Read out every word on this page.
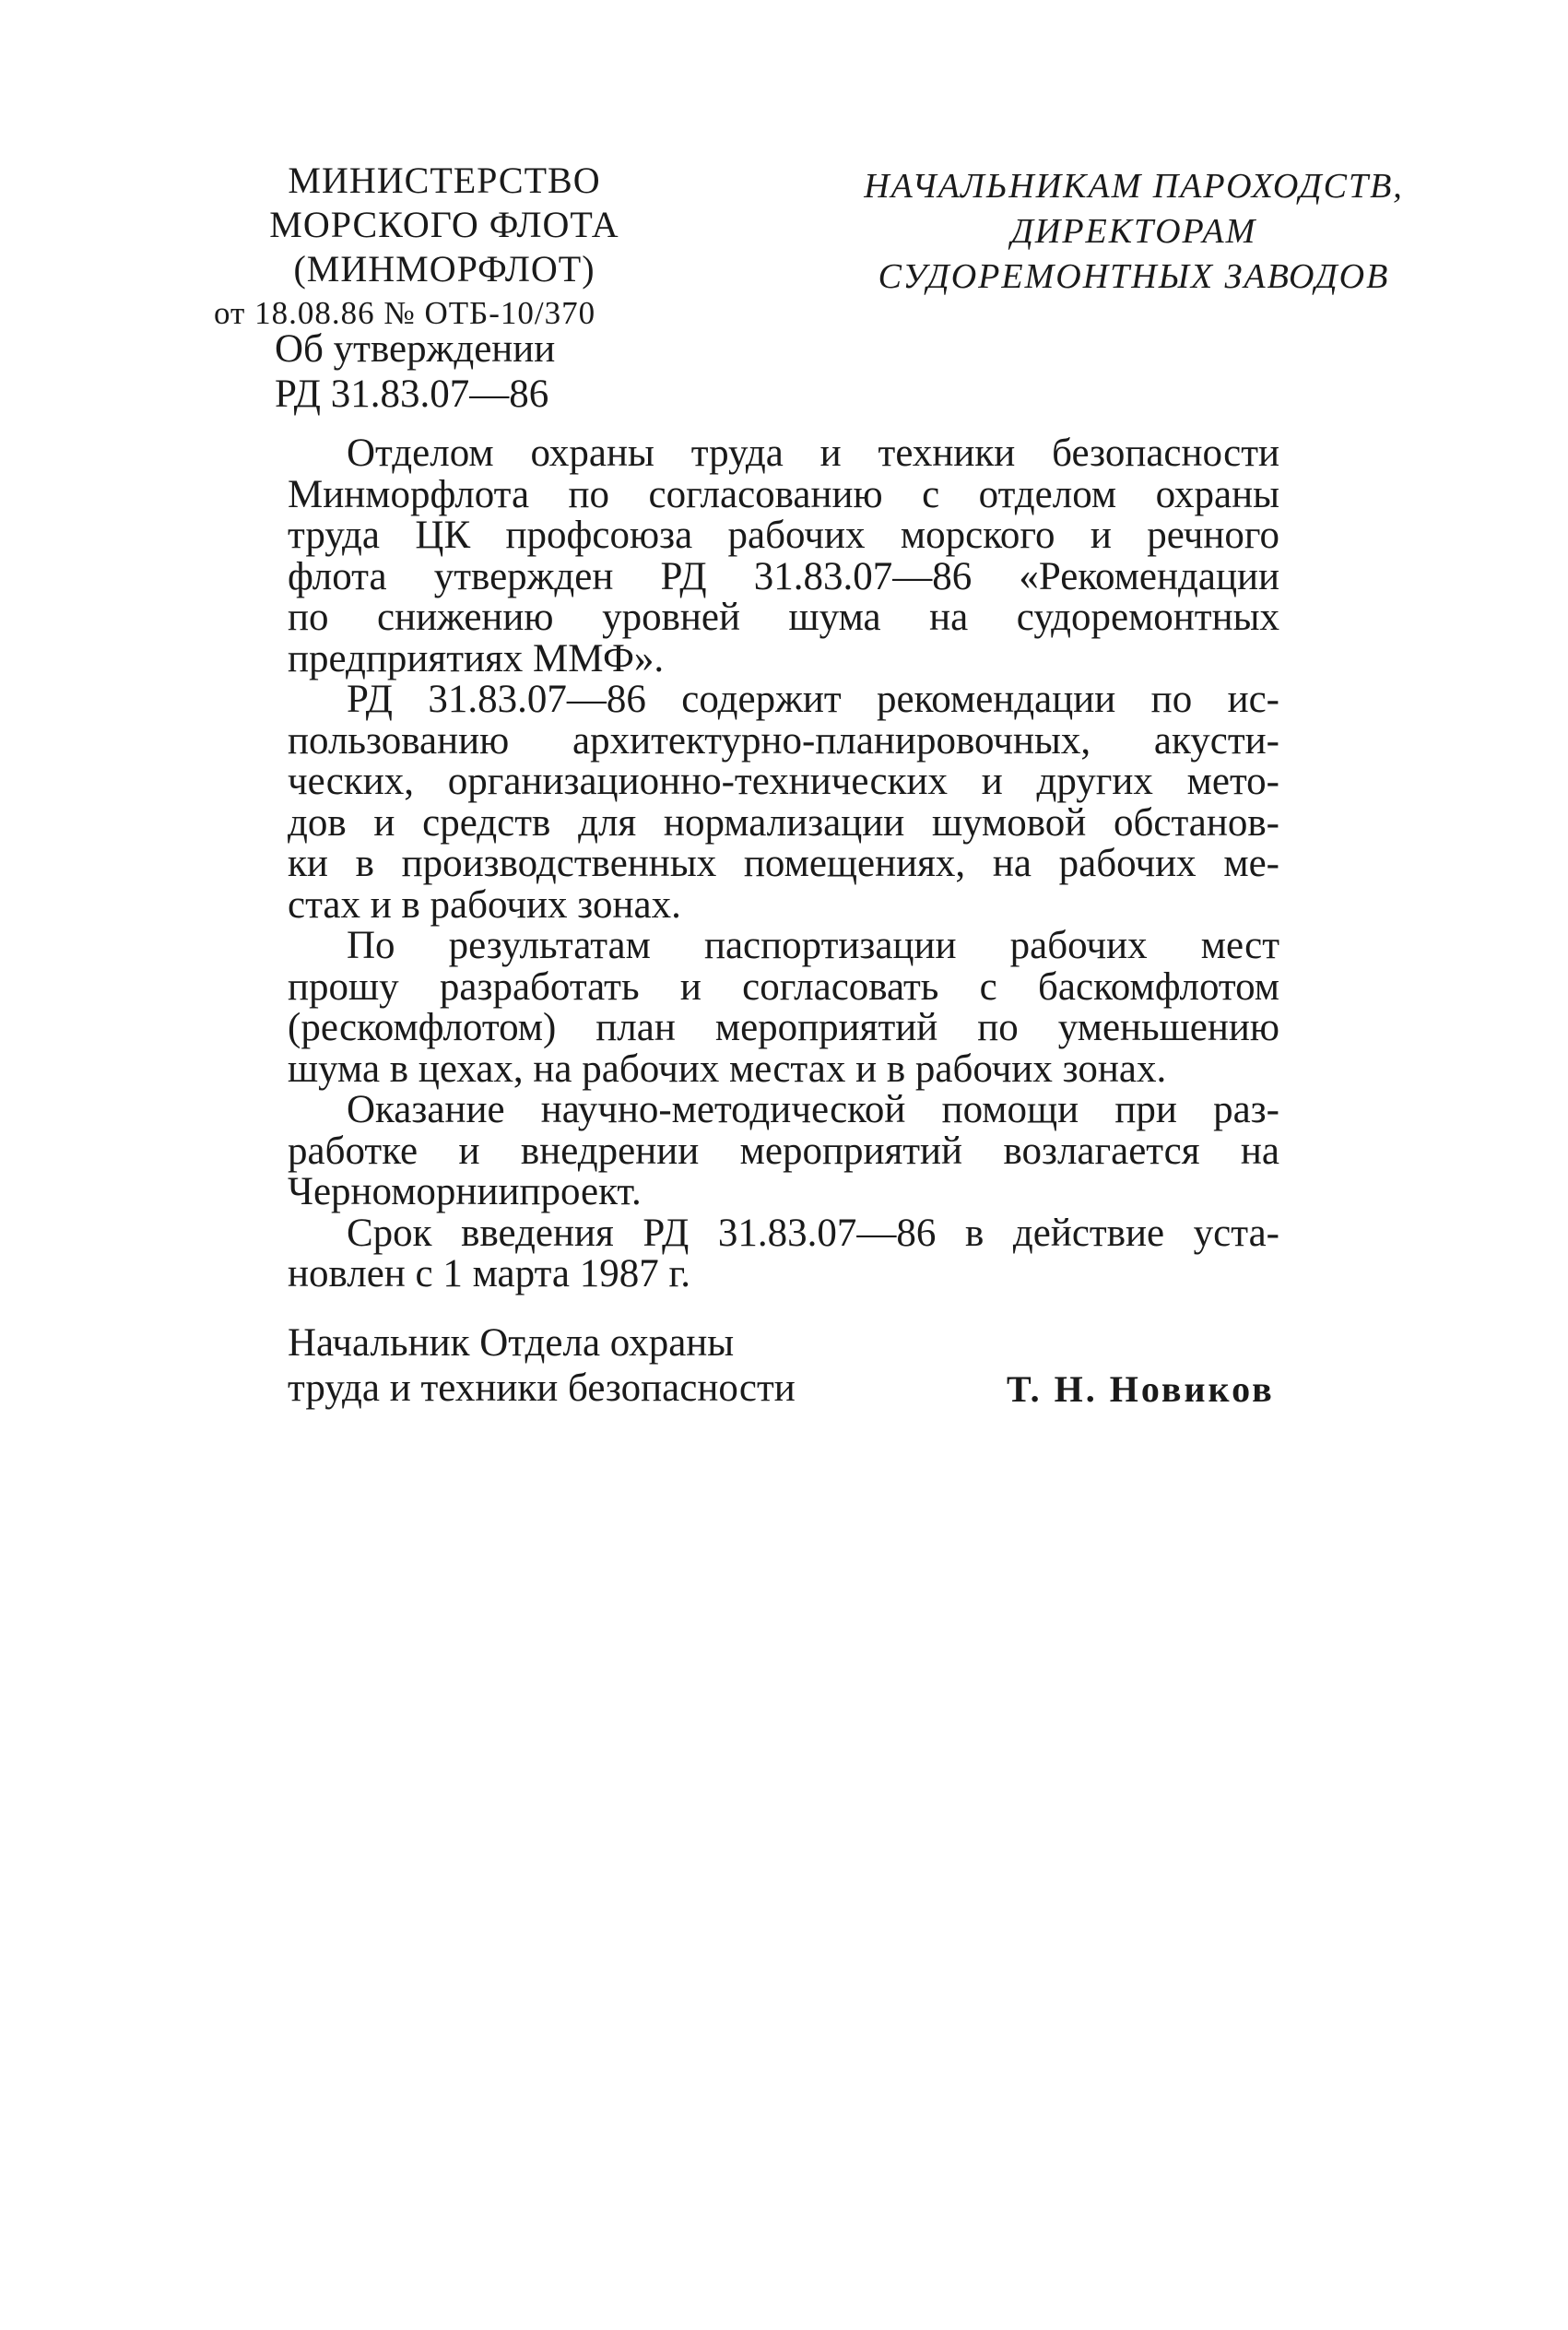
МИНИСТЕРСТВО
МОРСКОГО ФЛОТА
(МИНМОРФЛОТ)
от 18.08.86 № ОТБ-10/370
Об утверждении
РД 31.83.07—86
НАЧАЛЬНИКАМ ПАРОХОДСТВ,
ДИРЕКТОРАМ
СУДОРЕМОНТНЫХ ЗАВОДОВ
Отделом охраны труда и техники безопасности
Минморфлота по согласованию с отделом охраны
труда ЦК профсоюза рабочих морского и речного
флота утвержден РД 31.83.07—86 «Рекомендации
по снижению уровней шума на судоремонтных
предприятиях ММФ».
РД 31.83.07—86 содержит рекомендации по ис-
пользованию архитектурно-планировочных, акусти-
ческих, организационно-технических и других мето-
дов и средств для нормализации шумовой обстанов-
ки в производственных помещениях, на рабочих ме-
стах и в рабочих зонах.
По результатам паспортизации рабочих мест
прошу разработать и согласовать с баскомфлотом
(рескомфлотом) план мероприятий по уменьшению
шума в цехах, на рабочих местах и в рабочих зонах.
Оказание научно-методической помощи при раз-
работке и внедрении мероприятий возлагается на
Черноморниипроект.
Срок введения РД 31.83.07—86 в действие уста-
новлен с 1 марта 1987 г.
Начальник Отдела охраны
труда и техники безопасности	Т. Н. Новиков
